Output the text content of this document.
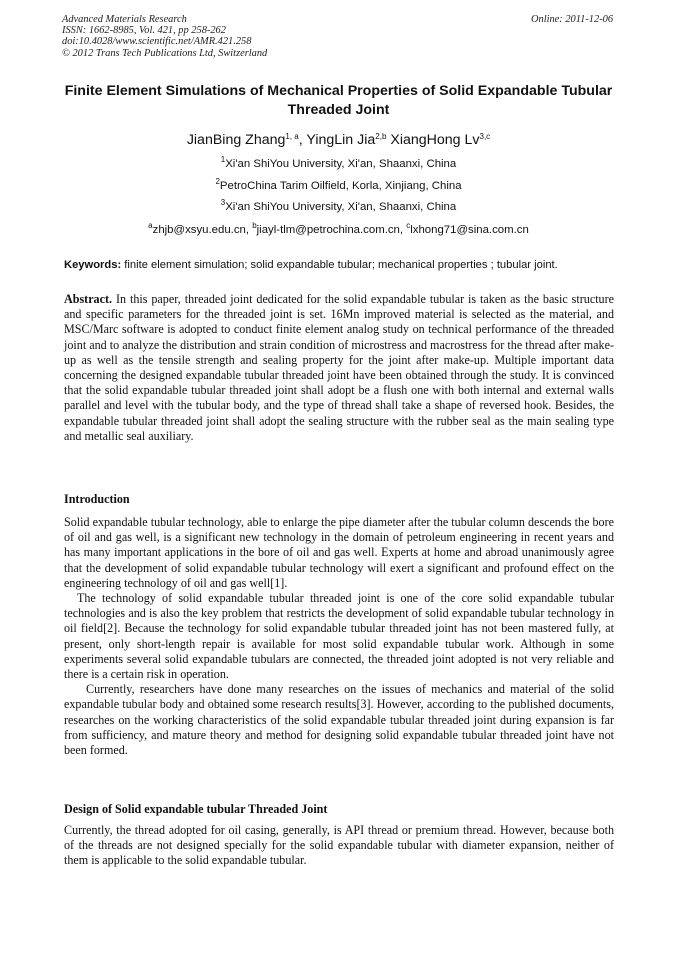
Advanced Materials Research
ISSN: 1662-8985, Vol. 421, pp 258-262
doi:10.4028/www.scientific.net/AMR.421.258
© 2012 Trans Tech Publications Ltd, Switzerland
Online: 2011-12-06
Finite Element Simulations of Mechanical Properties of Solid Expandable Tubular Threaded Joint
JianBing Zhang$^{1, a}$, YingLin Jia$^{2,b}$ XiangHong Lv$^{3,c}$
$^1$Xi'an ShiYou University, Xi'an, Shaanxi, China
$^2$PetroChina Tarim Oilfield, Korla, Xinjiang, China
$^3$Xi'an ShiYou University, Xi'an, Shaanxi, China
$^a$zhjb@xsyu.edu.cn, $^b$jiayl-tlm@petrochina.com.cn, $^c$lxhong71@sina.com.cn
Keywords: finite element simulation; solid expandable tubular; mechanical properties ; tubular joint.
Abstract. In this paper, threaded joint dedicated for the solid expandable tubular is taken as the basic structure and specific parameters for the threaded joint is set. 16Mn improved material is selected as the material, and MSC/Marc software is adopted to conduct finite element analog study on technical performance of the threaded joint and to analyze the distribution and strain condition of microstress and macrostress for the thread after make-up as well as the tensile strength and sealing property for the joint after make-up. Multiple important data concerning the designed expandable tubular threaded joint have been obtained through the study. It is convinced that the solid expandable tubular threaded joint shall adopt be a flush one with both internal and external walls parallel and level with the tubular body, and the type of thread shall take a shape of reversed hook. Besides, the expandable tubular threaded joint shall adopt the sealing structure with the rubber seal as the main sealing type and metallic seal auxiliary.
Introduction

Solid expandable tubular technology, able to enlarge the pipe diameter after the tubular column descends the bore of oil and gas well, is a significant new technology in the domain of petroleum engineering in recent years and has many important applications in the bore of oil and gas well. Experts at home and abroad unanimously agree that the development of solid expandable tubular technology will exert a significant and profound effect on the engineering technology of oil and gas well[1].

The technology of solid expandable tubular threaded joint is one of the core solid expandable tubular technologies and is also the key problem that restricts the development of solid expandable tubular technology in oil field[2]. Because the technology for solid expandable tubular threaded joint has not been mastered fully, at present, only short-length repair is available for most solid expandable tubular work. Although in some experiments several solid expandable tubulars are connected, the threaded joint adopted is not very reliable and there is a certain risk in operation.

Currently, researchers have done many researches on the issues of mechanics and material of the solid expandable tubular body and obtained some research results[3]. However, according to the published documents, researches on the working characteristics of the solid expandable tubular threaded joint during expansion is far from sufficiency, and mature theory and method for designing solid expandable tubular threaded joint have not been formed.

Design of Solid expandable tubular Threaded Joint

Currently, the thread adopted for oil casing, generally, is API thread or premium thread. However, because both of the threads are not designed specially for the solid expandable tubular with diameter expansion, neither of them is applicable to the solid expandable tubular.
